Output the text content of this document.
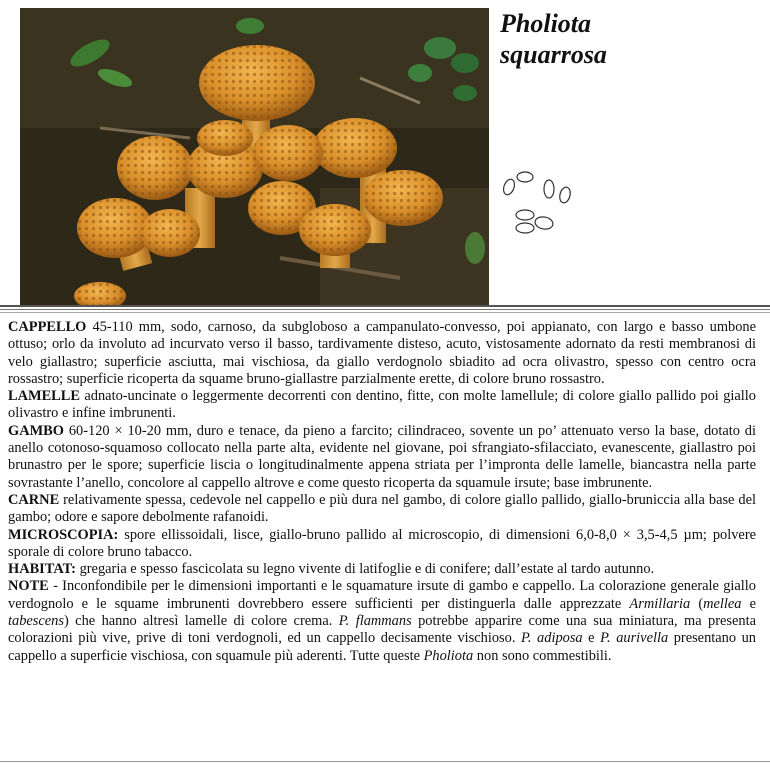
Pholiota
squarrosa

CAPPELLO 45-110 mm, sodo, carnoso, da subgloboso a campanulato-convesso, poi appianato, con largo e basso umbone ottuso; orlo da involuto ad incurvato verso il basso, tardivamente disteso, acuto, vistosamente adornato da resti membranosi di velo giallastro; superficie asciutta, mai vischiosa, da giallo verdognolo sbiadito ad ocra olivastro, spesso con centro ocra rossastro; superficie ricoperta da squame bruno-giallastre parzialmente erette, di colore bruno rossastro.

LAMELLE adnato-uncinate o leggermente decorrenti con dentino, fitte, con molte lamellule; di colore giallo pallido poi giallo olivastro e infine imbrunenti.

GAMBO 60-120 × 10-20 mm, duro e tenace, da pieno a farcito; cilindraceo, sovente un po’ attenuato verso la base, dotato di anello cotonoso-squamoso collocato nella parte alta, evidente nel giovane, poi sfrangiato-sfilacciato, evanescente, giallastro poi brunastro per le spore; superficie liscia o longitudinalmente appena striata per l’impronta delle lamelle, biancastra nella parte sovrastante l’anello, concolore al cappello altrove e come questo ricoperta da squamule irsute; base imbrunente.

CARNE relativamente spessa, cedevole nel cappello e più dura nel gambo, di colore giallo pallido, giallo-bruniccia alla base del gambo; odore e sapore debolmente rafanoidi.

MICROSCOPIA: spore ellissoidali, lisce, giallo-bruno pallido al microscopio, di dimensioni 6,0-8,0 × 3,5-4,5 µm; polvere sporale di colore bruno tabacco.

HABITAT: gregaria e spesso fascicolata su legno vivente di latifoglie e di conifere; dall’estate al tardo autunno.

NOTE - Inconfondibile per le dimensioni importanti e le squamature irsute di gambo e cappello. La colorazione generale giallo verdognolo e le squame imbrunenti dovrebbero essere sufficienti per distinguerla dalle apprezzate Armillaria (mellea e tabescens) che hanno altresì lamelle di colore crema. P. flammans potrebbe apparire come una sua miniatura, ma presenta colorazioni più vive, prive di toni verdognoli, ed un cappello decisamente vischioso. P. adiposa e P. aurivella presentano un cappello a superficie vischiosa, con squamule più aderenti. Tutte queste Pholiota non sono commestibili.
